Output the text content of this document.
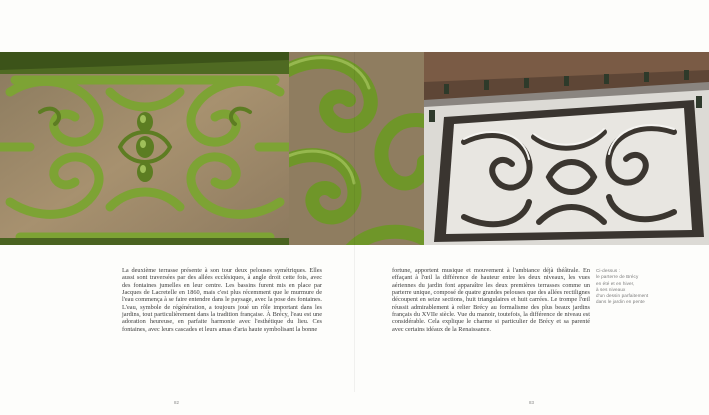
La deuxième terrasse présente à son tour deux pelouses symétriques. Elles aussi sont traversées par des allées ecclésiques, à angle droit cette fois, avec des fontaines jumelles en leur centre. Les bassins furent mis en place par Jacques de Lacretelle en 1860, mais c'est plus récemment que le murmure de l'eau commença à se faire entendre dans le paysage, avec la pose des fontaines. L'eau, symbole de régénération, a toujours joué un rôle important dans les jardins, tout particulièrement dans la tradition française. À Brécy, l'eau est une adoration heureuse, en parfaite harmonie avec l'esthétique du lieu. Ces fontaines, avec leurs cascades et leurs amas d'aria haute symbolisant la bonne

fortune, apportent musique et mouvement à l'ambiance déjà théâtrale. En effaçant à l'œil la différence de hauteur entre les deux niveaux, les vues aériennes du jardin font apparaître les deux premières terrasses comme un parterre unique, composé de quatre grandes pelouses que des allées rectilignes découpent en seize sections, huit triangulaires et huit carrées. Le trompe l'œil réussit admirablement à relier Brécy au formalisme des plus beaux jardins français du XVIIe siècle. Vue du manoir, toutefois, la différence de niveau est considérable. Cela explique le charme si particulier de Brécy et sa parenté avec certains idéaux de la Renaissance.

Ci-dessus :
le parterre de Brécy
en été et en hiver,
à ses niveaux
d'un dessin parfaitement
dans le jardin en pente
82	83
